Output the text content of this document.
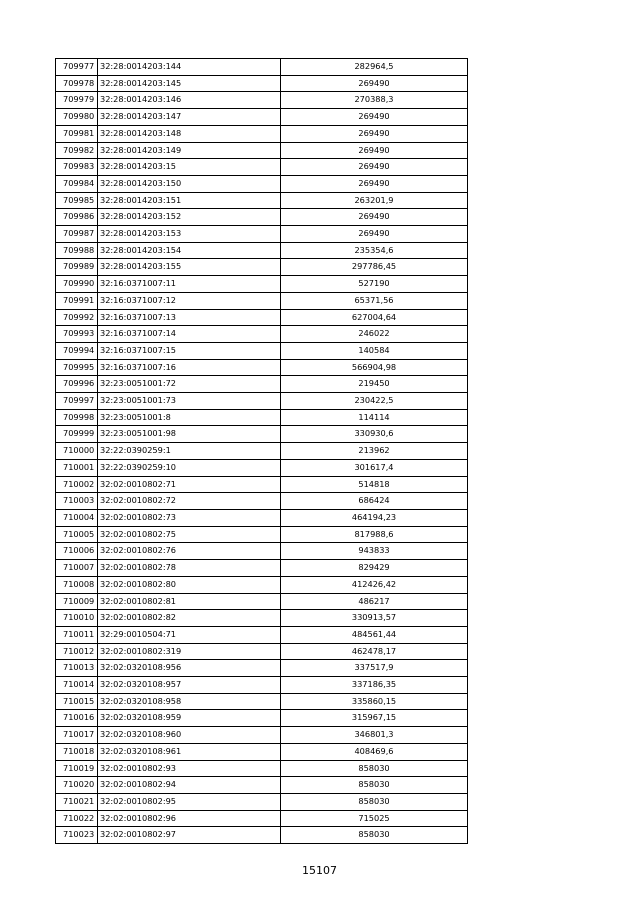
709977	32:28:0014203:144	282964,5
709978	32:28:0014203:145	269490
709979	32:28:0014203:146	270388,3
709980	32:28:0014203:147	269490
709981	32:28:0014203:148	269490
709982	32:28:0014203:149	269490
709983	32:28:0014203:15	269490
709984	32:28:0014203:150	269490
709985	32:28:0014203:151	263201,9
709986	32:28:0014203:152	269490
709987	32:28:0014203:153	269490
709988	32:28:0014203:154	235354,6
709989	32:28:0014203:155	297786,45
709990	32:16:0371007:11	527190
709991	32:16:0371007:12	65371,56
709992	32:16:0371007:13	627004,64
709993	32:16:0371007:14	246022
709994	32:16:0371007:15	140584
709995	32:16:0371007:16	566904,98
709996	32:23:0051001:72	219450
709997	32:23:0051001:73	230422,5
709998	32:23:0051001:8	114114
709999	32:23:0051001:98	330930,6
710000	32:22:0390259:1	213962
710001	32:22:0390259:10	301617,4
710002	32:02:0010802:71	514818
710003	32:02:0010802:72	686424
710004	32:02:0010802:73	464194,23
710005	32:02:0010802:75	817988,6
710006	32:02:0010802:76	943833
710007	32:02:0010802:78	829429
710008	32:02:0010802:80	412426,42
710009	32:02:0010802:81	486217
710010	32:02:0010802:82	330913,57
710011	32:29:0010504:71	484561,44
710012	32:02:0010802:319	462478,17
710013	32:02:0320108:956	337517,9
710014	32:02:0320108:957	337186,35
710015	32:02:0320108:958	335860,15
710016	32:02:0320108:959	315967,15
710017	32:02:0320108:960	346801,3
710018	32:02:0320108:961	408469,6
710019	32:02:0010802:93	858030
710020	32:02:0010802:94	858030
710021	32:02:0010802:95	858030
710022	32:02:0010802:96	715025
710023	32:02:0010802:97	858030
15107
